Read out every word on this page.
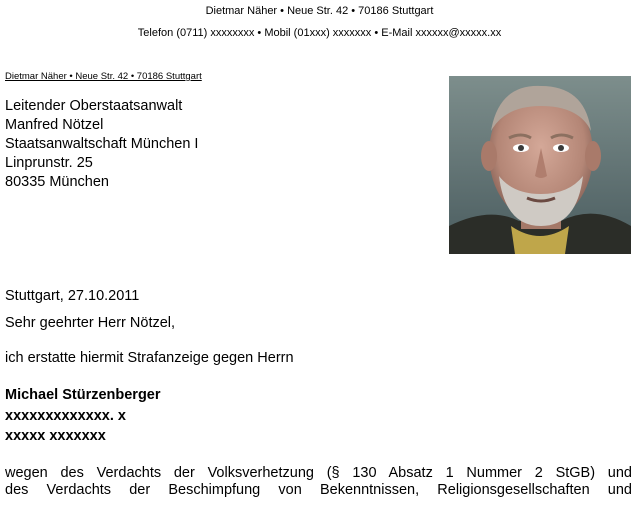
Dietmar Näher • Neue Str. 42 • 70186 Stuttgart
Telefon (0711) xxxxxxxx • Mobil (01xxx) xxxxxxx • E-Mail xxxxxx@xxxxx.xx
Dietmar Näher • Neue Str. 42 • 70186 Stuttgart
Leitender Oberstaatsanwalt
Manfred Nötzel
Staatsanwaltschaft München I
Linprunstr. 25
80335 München
Stuttgart, 27.10.2011
Sehr geehrter Herr Nötzel,
ich erstatte hiermit Strafanzeige gegen Herrn
Michael Stürzenberger
xxxxxxxxxxxxx. x
xxxxx xxxxxxx
wegen des Verdachts der Volksverhetzung (§ 130 Absatz 1 Nummer 2 StGB) und
des Verdachts der Beschimpfung von Bekenntnissen, Religionsgesellschaften und
